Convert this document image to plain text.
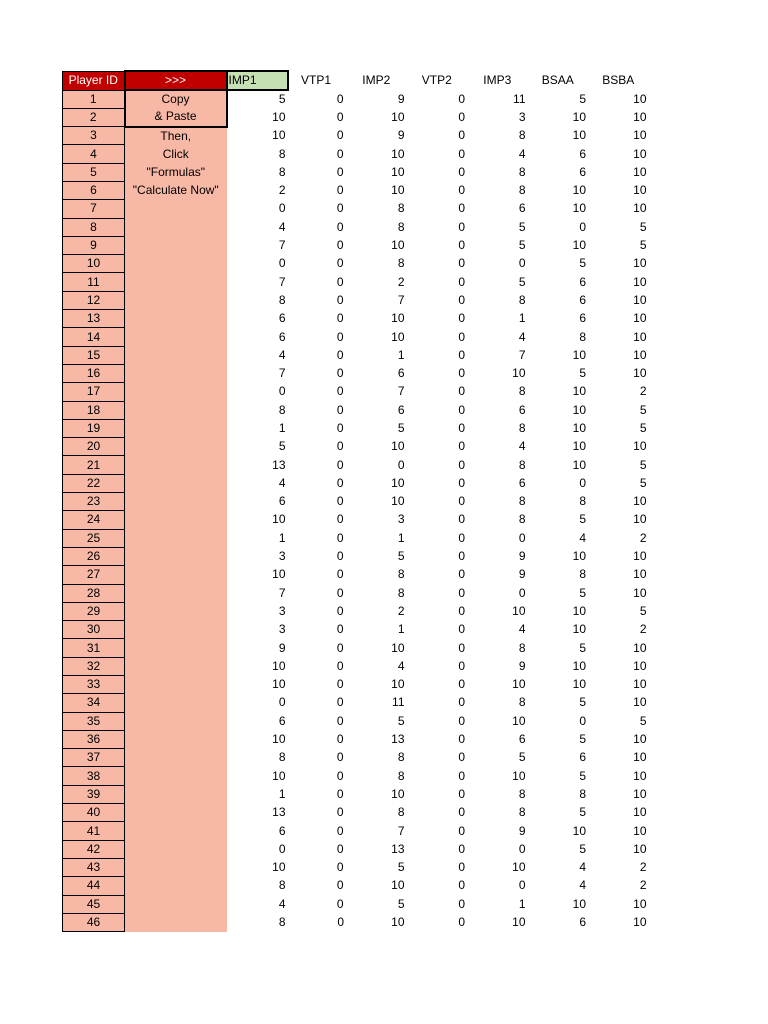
Player ID	>>>	IMP1	VTP1	IMP2	VTP2	IMP3	BSAA	BSBA
1	Copy	5	0	9	0	11	5	10
2	& Paste	10	0	10	0	3	10	10
3	Then,	10	0	9	0	8	10	10
4	Click	8	0	10	0	4	6	10
5	"Formulas"	8	0	10	0	8	6	10
6	"Calculate Now"	2	0	10	0	8	10	10
7		0	0	8	0	6	10	10
8		4	0	8	0	5	0	5
9		7	0	10	0	5	10	5
10		0	0	8	0	0	5	10
11		7	0	2	0	5	6	10
12		8	0	7	0	8	6	10
13		6	0	10	0	1	6	10
14		6	0	10	0	4	8	10
15		4	0	1	0	7	10	10
16		7	0	6	0	10	5	10
17		0	0	7	0	8	10	2
18		8	0	6	0	6	10	5
19		1	0	5	0	8	10	5
20		5	0	10	0	4	10	10
21		13	0	0	0	8	10	5
22		4	0	10	0	6	0	5
23		6	0	10	0	8	8	10
24		10	0	3	0	8	5	10
25		1	0	1	0	0	4	2
26		3	0	5	0	9	10	10
27		10	0	8	0	9	8	10
28		7	0	8	0	0	5	10
29		3	0	2	0	10	10	5
30		3	0	1	0	4	10	2
31		9	0	10	0	8	5	10
32		10	0	4	0	9	10	10
33		10	0	10	0	10	10	10
34		0	0	11	0	8	5	10
35		6	0	5	0	10	0	5
36		10	0	13	0	6	5	10
37		8	0	8	0	5	6	10
38		10	0	8	0	10	5	10
39		1	0	10	0	8	8	10
40		13	0	8	0	8	5	10
41		6	0	7	0	9	10	10
42		0	0	13	0	0	5	10
43		10	0	5	0	10	4	2
44		8	0	10	0	0	4	2
45		4	0	5	0	1	10	10
46		8	0	10	0	10	6	10
